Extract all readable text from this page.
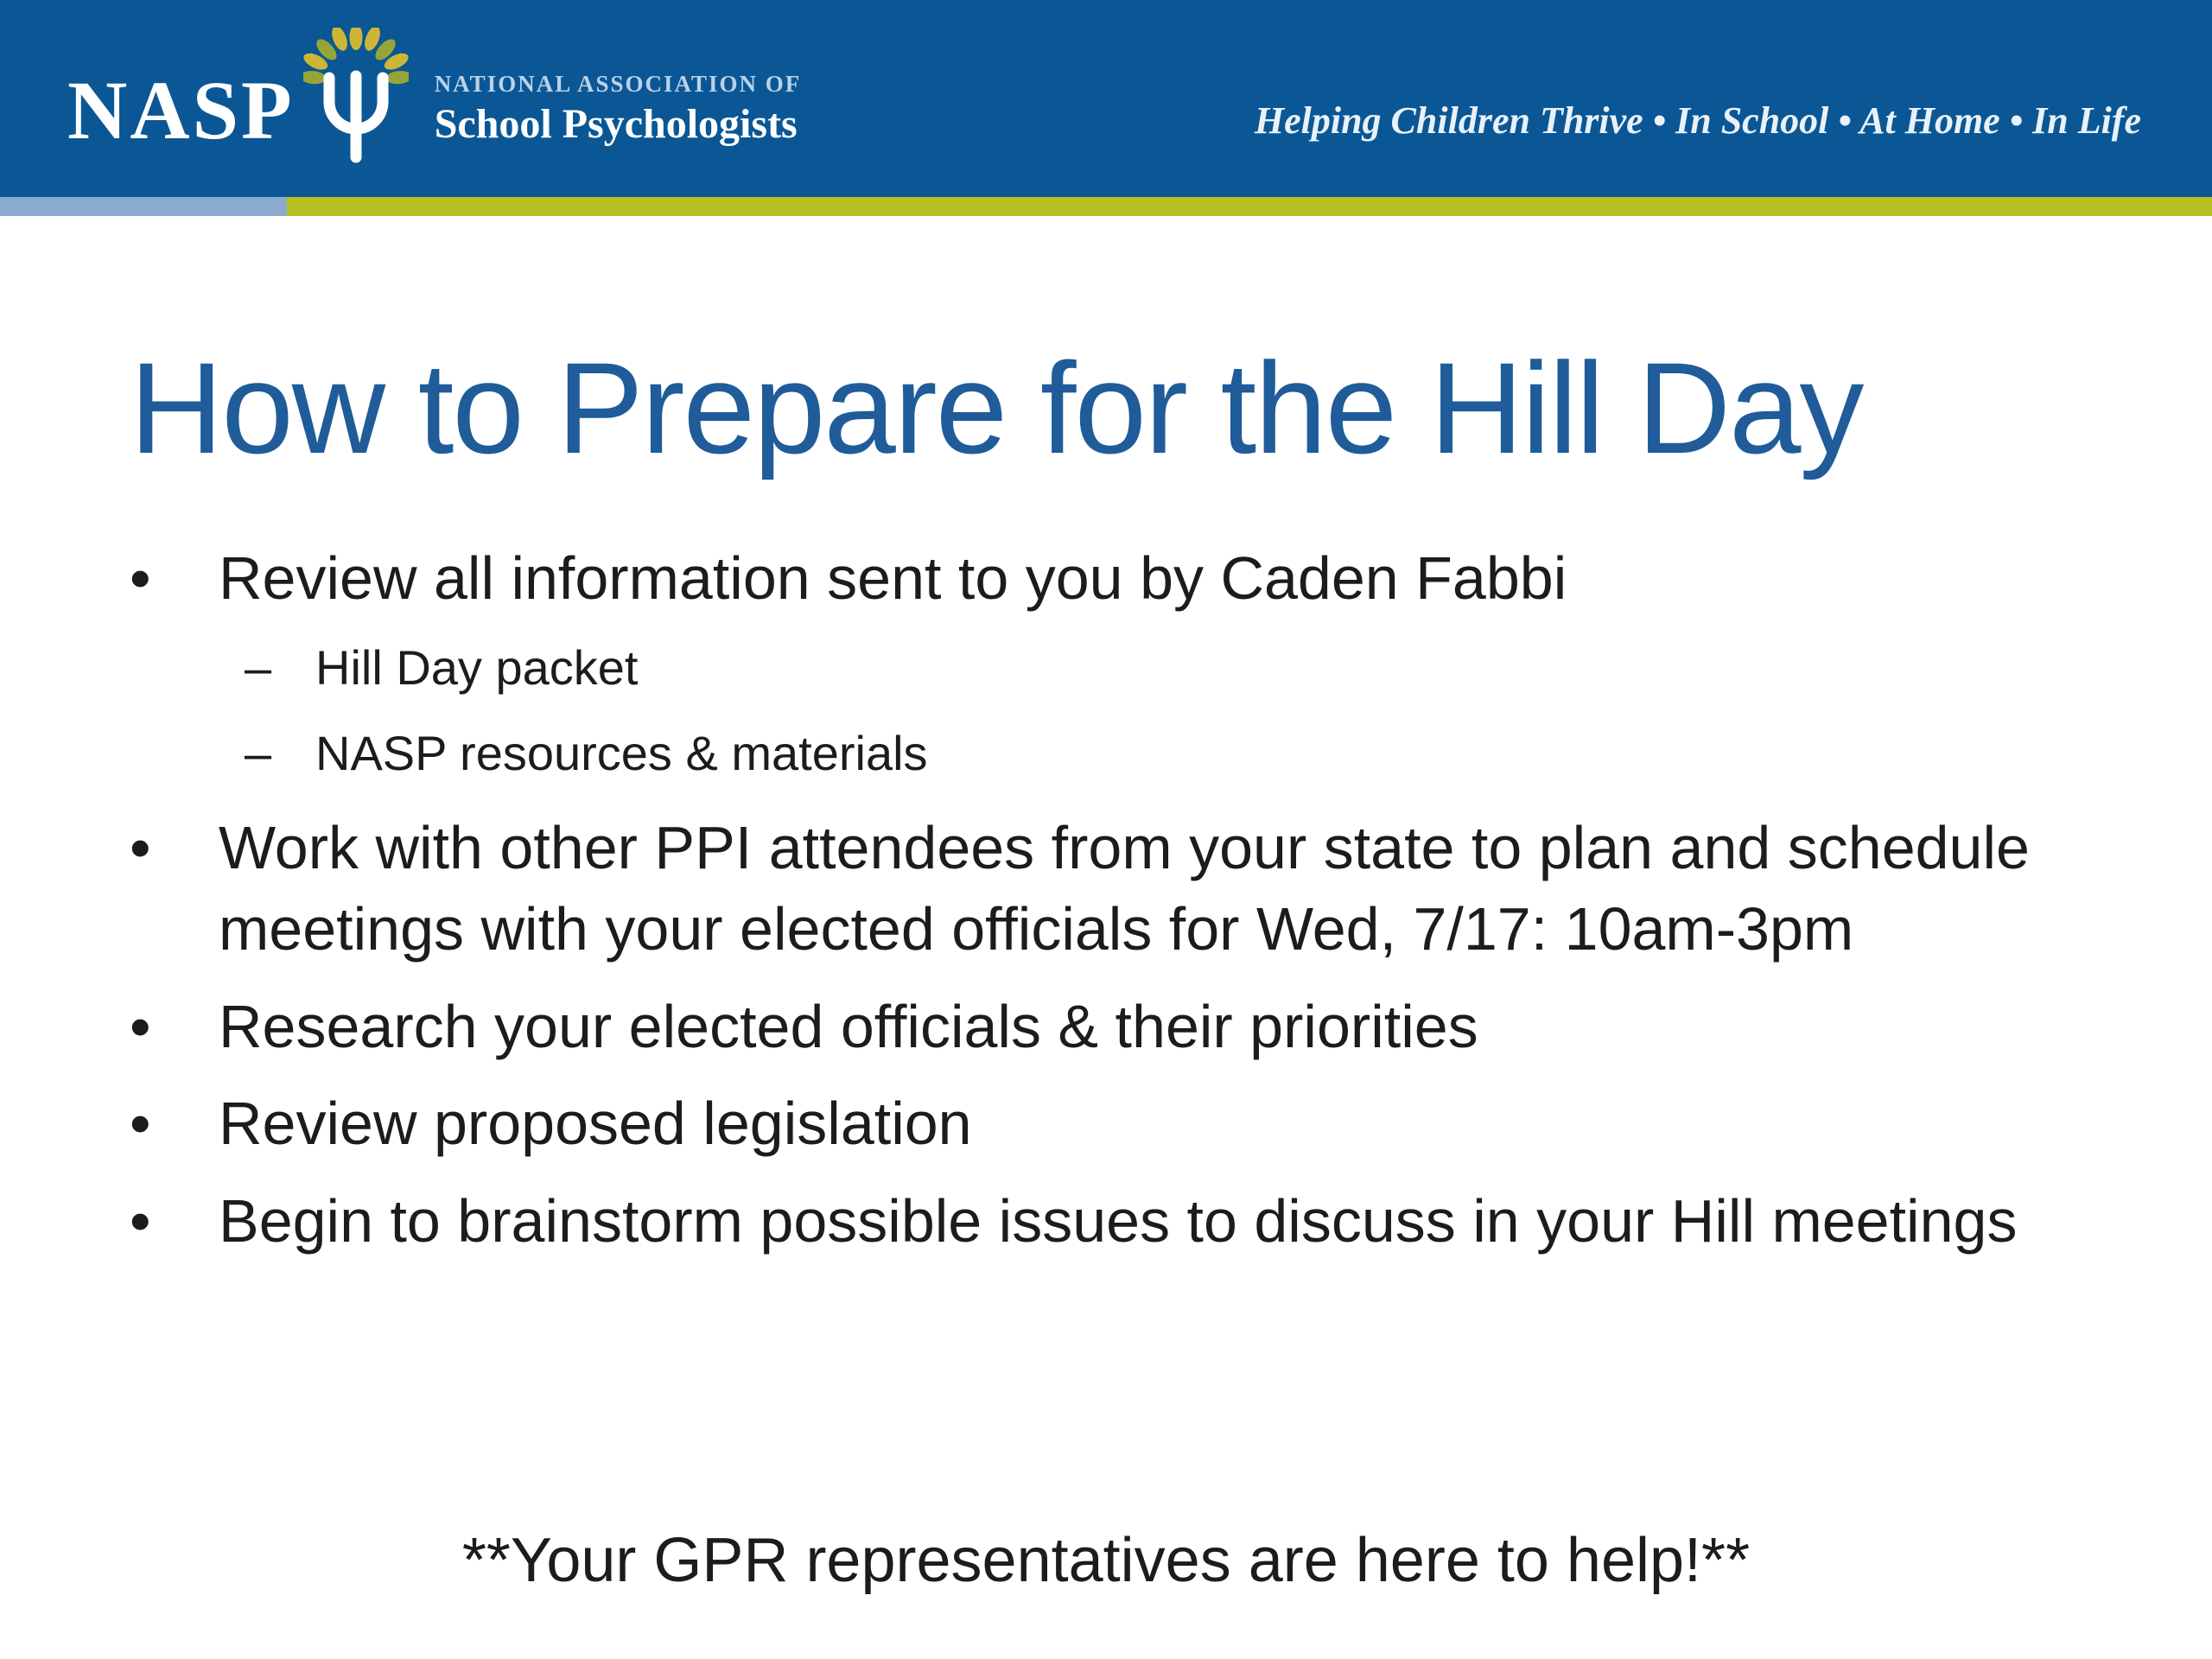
NASP	NATIONAL ASSOCIATION OF
School Psychologists	Helping Children Thrive • In School • At Home • In Life
How to Prepare for the Hill Day
•	Review all information sent to you by Caden Fabbi
– Hill Day packet
– NASP resources & materials
•	Work with other PPI attendees from your state to plan and schedule meetings with your elected officials for Wed, 7/17: 10am-3pm
•	Research your elected officials & their priorities
•	Review proposed legislation
•	Begin to brainstorm possible issues to discuss in your Hill meetings
**Your GPR representatives are here to help!**
